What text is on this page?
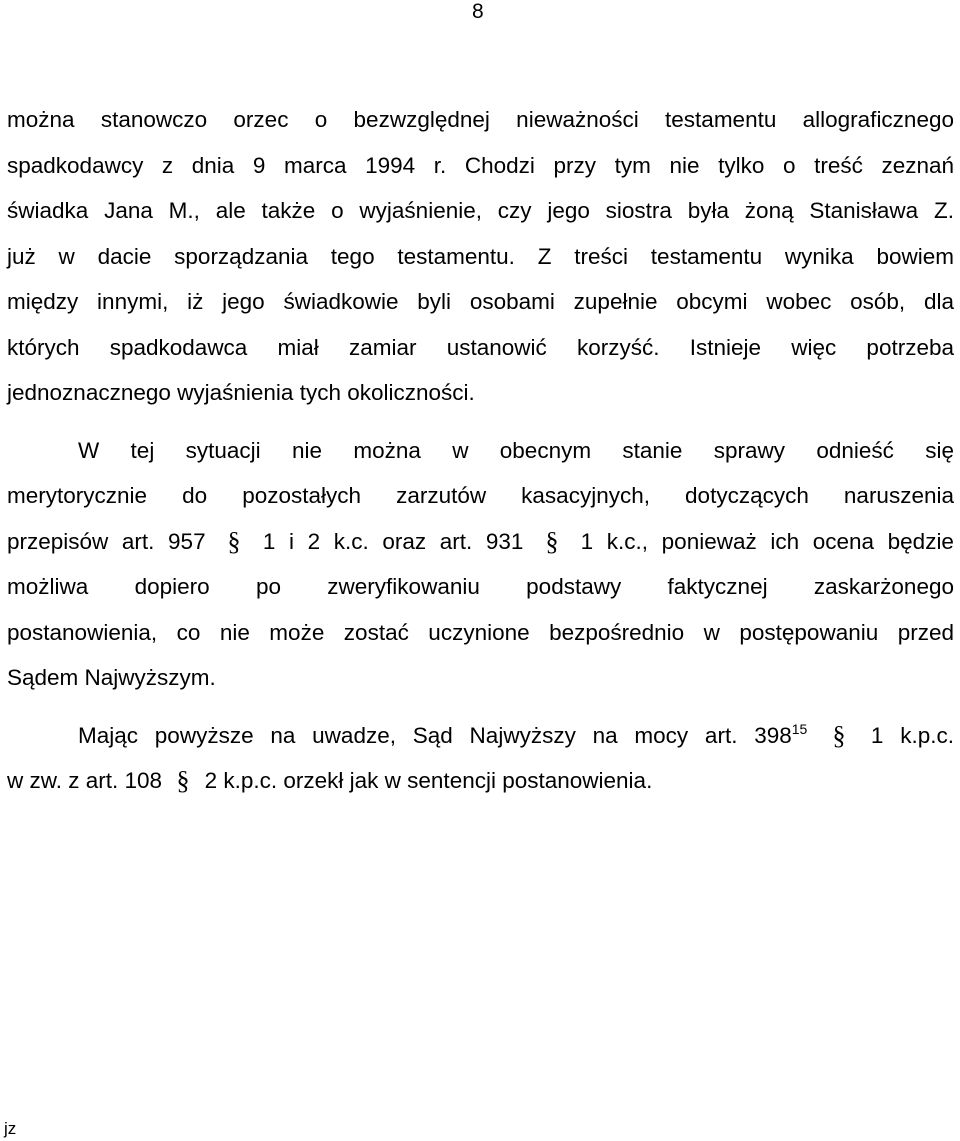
8
można stanowczo orzec o bezwzględnej nieważności testamentu allograficznego
spadkodawcy z dnia 9 marca 1994 r. Chodzi przy tym nie tylko o treść zeznań
świadka Jana M., ale także o wyjaśnienie, czy jego siostra była żoną Stanisława Z.
już w dacie sporządzania tego testamentu. Z treści testamentu wynika bowiem
między innymi, iż jego świadkowie byli osobami zupełnie obcymi wobec osób, dla
których spadkodawca miał zamiar ustanowić korzyść. Istnieje więc potrzeba
jednoznacznego wyjaśnienia tych okoliczności.
W tej sytuacji nie można w obecnym stanie sprawy odnieść się
merytorycznie do pozostałych zarzutów kasacyjnych, dotyczących naruszenia
przepisów art. 957 § 1 i 2 k.c. oraz art. 931 § 1 k.c., ponieważ ich ocena będzie
możliwa dopiero po zweryfikowaniu podstawy faktycznej zaskarżonego
postanowienia, co nie może zostać uczynione bezpośrednio w postępowaniu przed
Sądem Najwyższym.
Mając powyższe na uwadze, Sąd Najwyższy na mocy art. $398^{15}$ § 1 k.p.c.
w zw. z art. 108 § 2 k.p.c. orzekł jak w sentencji postanowienia.
jz
